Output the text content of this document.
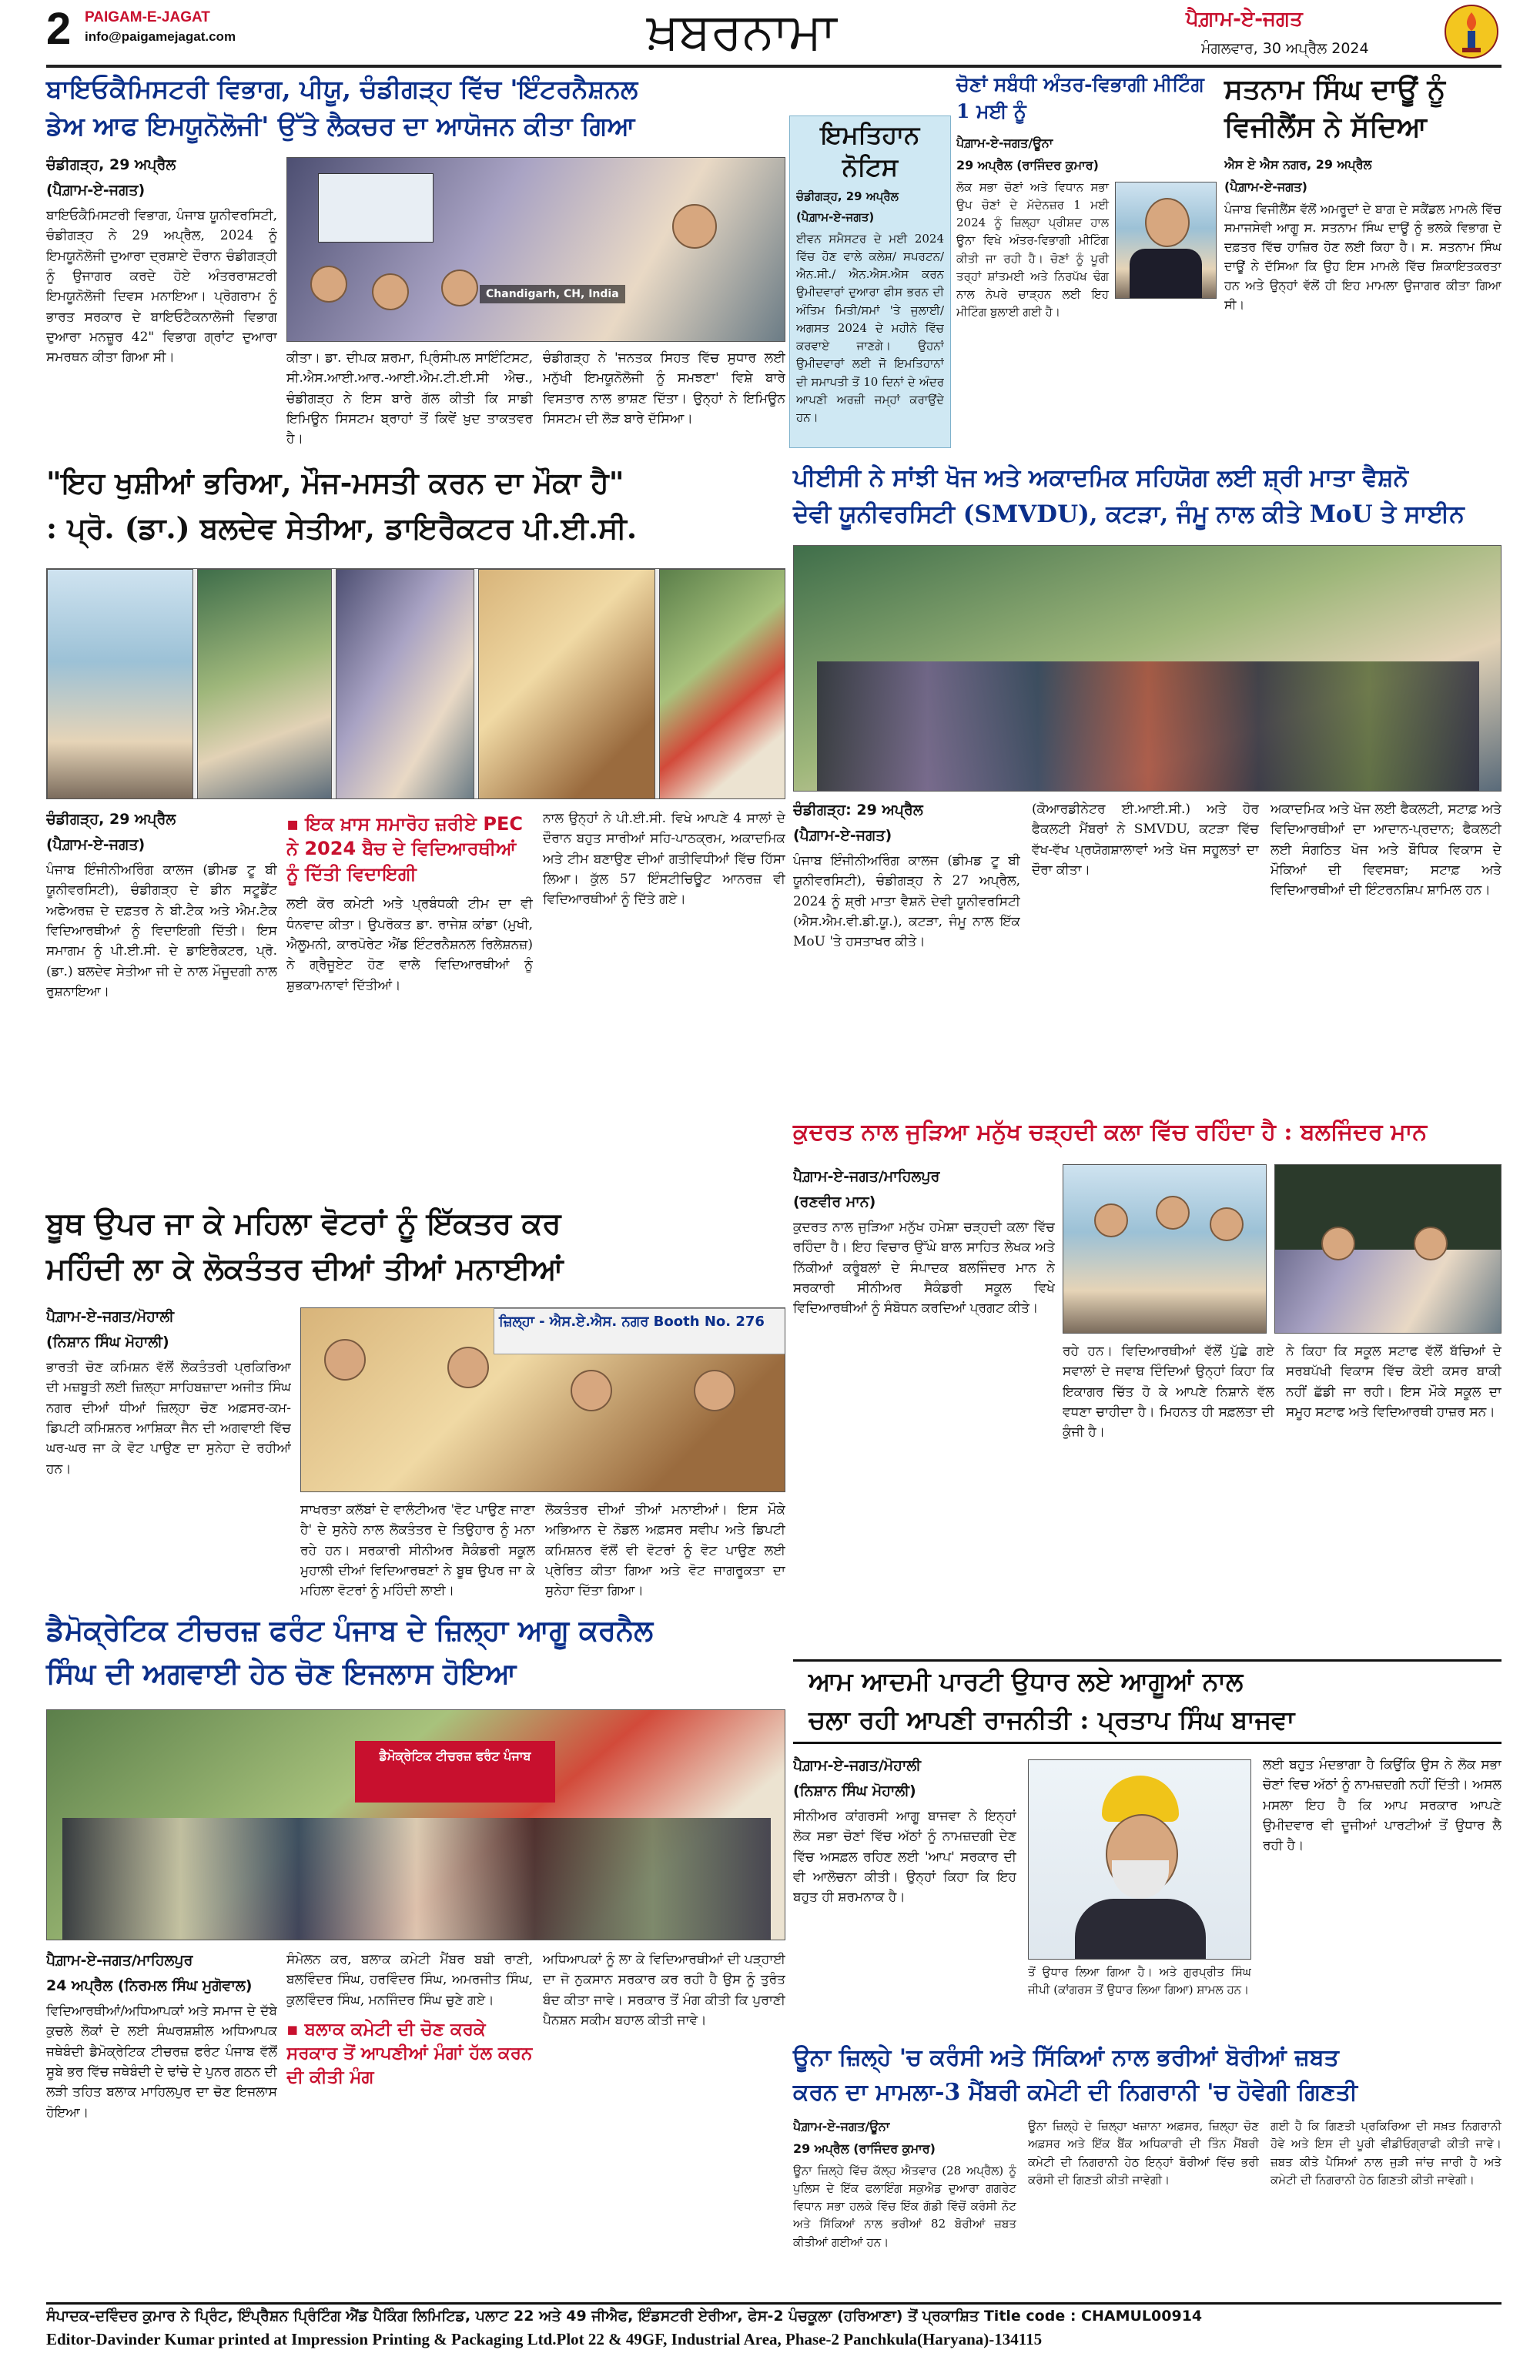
2 PAIGAM-E-JAGAT
info@paigamejagat.com	ਖ਼ਬਰਨਾਮਾ	ਪੈਗ਼ਾਮ-ਏ-ਜਗਤ
ਮੰਗਲਵਾਰ, 30 ਅਪ੍ਰੈਲ 2024
ਬਾਇਓਕੈਮਿਸਟਰੀ ਵਿਭਾਗ, ਪੀਯੂ, ਚੰਡੀਗੜ੍ਹ ਵਿੱਚ 'ਇੰਟਰਨੈਸ਼ਨਲ
ਡੇਅ ਆਫ ਇਮਯੂਨੋਲੋਜੀ' ਉੱਤੇ ਲੈਕਚਰ ਦਾ ਆਯੋਜਨ ਕੀਤਾ ਗਿਆ

ਚੰਡੀਗੜ੍ਹ, 29 ਅਪ੍ਰੈਲ

(ਪੈਗ਼ਾਮ-ਏ-ਜਗਤ)

ਬਾਇਓਕੈਮਿਸਟਰੀ ਵਿਭਾਗ, ਪੰਜਾਬ ਯੂਨੀਵਰਸਿਟੀ, ਚੰਡੀਗੜ੍ਹ ਨੇ 29 ਅਪ੍ਰੈਲ, 2024 ਨੂੰ ਇਮਯੂਨੋਲੋਜੀ ਦੁਆਰਾ ਦ੍ਰਸ਼ਾਏ ਦੌਰਾਨ ਚੰਡੀਗੜ੍ਹੀ ਨੂੰ ਉਜਾਗਰ ਕਰਦੇ ਹੋਏ ਅੰਤਰਰਾਸ਼ਟਰੀ ਇਮਯੂਨੋਲੋਜੀ ਦਿਵਸ ਮਨਾਇਆ। ਪ੍ਰੋਗਰਾਮ ਨੂੰ ਭਾਰਤ ਸਰਕਾਰ ਦੇ ਬਾਇਓਟੈਕਨਾਲੋਜੀ ਵਿਭਾਗ ਦੁਆਰਾ ਮਨਜ਼ੂਰ 42" ਵਿਭਾਗ ਗ੍ਰਾਂਟ ਦੁਆਰਾ ਸਮਰਥਨ ਕੀਤਾ ਗਿਆ ਸੀ।
Chandigarh, CH, India
ਕੀਤਾ। ਡਾ. ਦੀਪਕ ਸ਼ਰਮਾ, ਪ੍ਰਿੰਸੀਪਲ ਸਾਇੰਟਿਸਟ, ਸੀ.ਐਸ.ਆਈ.ਆਰ.-ਆਈ.ਐਮ.ਟੀ.ਈ.ਸੀ ਐਚ., ਚੰਡੀਗੜ੍ਹ ਨੇ ਇਸ ਬਾਰੇ ਗੱਲ ਕੀਤੀ ਕਿ ਸਾਡੀ ਇਮਿਊਨ ਸਿਸਟਮ ਬ੍ਰਾਹਾਂ ਤੋਂ ਕਿਵੇਂ ਖ਼ੁਦ ਤਾਕਤਵਰ ਹੈ।
ਚੰਡੀਗੜ੍ਹ ਨੇ 'ਜਨਤਕ ਸਿਹਤ ਵਿੱਚ ਸੁਧਾਰ ਲਈ ਮਨੁੱਖੀ ਇਮਯੂਨੋਲੋਜੀ ਨੂੰ ਸਮਝਣਾ' ਵਿਸ਼ੇ ਬਾਰੇ ਵਿਸਤਾਰ ਨਾਲ ਭਾਸ਼ਣ ਦਿੱਤਾ। ਉਨ੍ਹਾਂ ਨੇ ਇਮਿਊਨ ਸਿਸਟਮ ਦੀ ਲੋੜ ਬਾਰੇ ਦੱਸਿਆ।
ਇਮਤਿਹਾਨ
ਨੋਟਿਸ

ਚੰਡੀਗੜ੍ਹ, 29 ਅਪ੍ਰੈਲ

(ਪੈਗ਼ਾਮ-ਏ-ਜਗਤ)

ਈਵਨ ਸਮੈਸਟਰ ਦੇ ਮਈ 2024 ਵਿੱਚ ਹੋਣ ਵਾਲੇ ਕਲੇਸ਼/ ਸਪਰਟਨ/ ਐਨ.ਸੀ./ ਐਨ.ਐਸ.ਐਸ ਕਰਨ ਉਮੀਦਵਾਰਾਂ ਦੁਆਰਾ ਫੀਸ ਭਰਨ ਦੀ ਅੰਤਿਮ ਮਿਤੀ/ਸਮਾਂ 'ਤੇ ਜੁਲਾਈ/ ਅਗਸਤ 2024 ਦੇ ਮਹੀਨੇ ਵਿੱਚ ਕਰਵਾਏ ਜਾਣਗੇ। ਉਹਨਾਂ ਉਮੀਦਵਾਰਾਂ ਲਈ ਜੋ ਇਮਤਿਹਾਨਾਂ ਦੀ ਸਮਾਪਤੀ ਤੋਂ 10 ਦਿਨਾਂ ਦੇ ਅੰਦਰ ਆਪਣੀ ਅਰਜ਼ੀ ਜਮ੍ਹਾਂ ਕਰਾਉਂਦੇ ਹਨ।
ਚੋਣਾਂ ਸਬੰਧੀ ਅੰਤਰ-ਵਿਭਾਗੀ ਮੀਟਿੰਗ 1 ਮਈ ਨੂੰ

ਪੈਗ਼ਾਮ-ਏ-ਜਗਤ/ਊਨਾ

29 ਅਪ੍ਰੈਲ (ਰਾਜਿੰਦਰ ਕੁਮਾਰ)

ਲੋਕ ਸਭਾ ਚੋਣਾਂ ਅਤੇ ਵਿਧਾਨ ਸਭਾ ਉਪ ਚੋਣਾਂ ਦੇ ਮੱਦੇਨਜ਼ਰ 1 ਮਈ 2024 ਨੂੰ ਜ਼ਿਲ੍ਹਾ ਪ੍ਰੀਸ਼ਦ ਹਾਲ ਊਨਾ ਵਿਖੇ ਅੰਤਰ-ਵਿਭਾਗੀ ਮੀਟਿੰਗ ਕੀਤੀ ਜਾ ਰਹੀ ਹੈ। ਚੋਣਾਂ ਨੂੰ ਪੂਰੀ ਤਰ੍ਹਾਂ ਸ਼ਾਂਤਮਈ ਅਤੇ ਨਿਰਪੱਖ ਢੰਗ ਨਾਲ ਨੇਪਰੇ ਚਾੜ੍ਹਨ ਲਈ ਇਹ ਮੀਟਿੰਗ ਬੁਲਾਈ ਗਈ ਹੈ।
ਸਤਨਾਮ ਸਿੰਘ ਦਾਊਂ ਨੂੰ
ਵਿਜੀਲੈਂਸ ਨੇ ਸੱਦਿਆ

ਐਸ ਏ ਐਸ ਨਗਰ, 29 ਅਪ੍ਰੈਲ

(ਪੈਗ਼ਾਮ-ਏ-ਜਗਤ)

ਪੰਜਾਬ ਵਿਜੀਲੈਂਸ ਵੱਲੋਂ ਅਮਰੂਦਾਂ ਦੇ ਬਾਗ ਦੇ ਸਕੈਂਡਲ ਮਾਮਲੇ ਵਿੱਚ ਸਮਾਜਸੇਵੀ ਆਗੂ ਸ. ਸਤਨਾਮ ਸਿੰਘ ਦਾਊਂ ਨੂੰ ਭਲਕੇ ਵਿਭਾਗ ਦੇ ਦਫ਼ਤਰ ਵਿੱਚ ਹਾਜ਼ਿਰ ਹੋਣ ਲਈ ਕਿਹਾ ਹੈ। ਸ. ਸਤਨਾਮ ਸਿੰਘ ਦਾਊਂ ਨੇ ਦੱਸਿਆ ਕਿ ਉਹ ਇਸ ਮਾਮਲੇ ਵਿੱਚ ਸ਼ਿਕਾਇਤਕਰਤਾ ਹਨ ਅਤੇ ਉਨ੍ਹਾਂ ਵੱਲੋਂ ਹੀ ਇਹ ਮਾਮਲਾ ਉਜਾਗਰ ਕੀਤਾ ਗਿਆ ਸੀ।
"ਇਹ ਖੁਸ਼ੀਆਂ ਭਰਿਆ, ਮੌਜ-ਮਸਤੀ ਕਰਨ ਦਾ ਮੌਕਾ ਹੈ"
: ਪ੍ਰੋ. (ਡਾ.) ਬਲਦੇਵ ਸੇਤੀਆ, ਡਾਇਰੈਕਟਰ ਪੀ.ਈ.ਸੀ.

ਚੰਡੀਗੜ੍ਹ, 29 ਅਪ੍ਰੈਲ

(ਪੈਗ਼ਾਮ-ਏ-ਜਗਤ)

ਪੰਜਾਬ ਇੰਜੀਨੀਅਰਿੰਗ ਕਾਲਜ (ਡੀਮਡ ਟੂ ਬੀ ਯੂਨੀਵਰਸਿਟੀ), ਚੰਡੀਗੜ੍ਹ ਦੇ ਡੀਨ ਸਟੂਡੈਂਟ ਅਫੇਅਰਜ਼ ਦੇ ਦਫ਼ਤਰ ਨੇ ਬੀ.ਟੈਕ ਅਤੇ ਐਮ.ਟੈਕ ਵਿਦਿਆਰਥੀਆਂ ਨੂੰ ਵਿਦਾਇਗੀ ਦਿੱਤੀ। ਇਸ ਸਮਾਗਮ ਨੂੰ ਪੀ.ਈ.ਸੀ. ਦੇ ਡਾਇਰੈਕਟਰ, ਪ੍ਰੋ. (ਡਾ.) ਬਲਦੇਵ ਸੇਤੀਆ ਜੀ ਦੇ ਨਾਲ ਮੌਜੂਦਗੀ ਨਾਲ ਰੁਸ਼ਨਾਇਆ।
▪ ਇਕ ਖ਼ਾਸ ਸਮਾਰੋਹ ਜ਼ਰੀਏ PEC ਨੇ 2024 ਬੈਚ ਦੇ ਵਿਦਿਆਰਥੀਆਂ ਨੂੰ ਦਿੱਤੀ ਵਿਦਾਇਗੀ
ਲਈ ਕੋਰ ਕਮੇਟੀ ਅਤੇ ਪ੍ਰਬੰਧਕੀ ਟੀਮ ਦਾ ਵੀ ਧੰਨਵਾਦ ਕੀਤਾ। ਉਪਰੋਕਤ ਡਾ. ਰਾਜੇਸ਼ ਕਾਂਡਾ (ਮੁਖੀ, ਐਲੂਮਨੀ, ਕਾਰਪੋਰੇਟ ਐਂਡ ਇੰਟਰਨੈਸ਼ਨਲ ਰਿਲੇਸ਼ਨਜ਼) ਨੇ ਗ੍ਰੈਜੂਏਟ ਹੋਣ ਵਾਲੇ ਵਿਦਿਆਰਥੀਆਂ ਨੂੰ ਸ਼ੁਭਕਾਮਨਾਵਾਂ ਦਿੱਤੀਆਂ।
ਨਾਲ ਉਨ੍ਹਾਂ ਨੇ ਪੀ.ਈ.ਸੀ. ਵਿਖੇ ਆਪਣੇ 4 ਸਾਲਾਂ ਦੇ ਦੌਰਾਨ ਬਹੁਤ ਸਾਰੀਆਂ ਸਹਿ-ਪਾਠਕ੍ਰਮ, ਅਕਾਦਮਿਕ ਅਤੇ ਟੀਮ ਬਣਾਉਣ ਦੀਆਂ ਗਤੀਵਿਧੀਆਂ ਵਿੱਚ ਹਿੱਸਾ ਲਿਆ। ਕੁੱਲ 57 ਇੰਸਟੀਚਿਊਟ ਆਨਰਜ਼ ਵੀ ਵਿਦਿਆਰਥੀਆਂ ਨੂੰ ਦਿੱਤੇ ਗਏ।
ਪੀਈਸੀ ਨੇ ਸਾਂਝੀ ਖੋਜ ਅਤੇ ਅਕਾਦਮਿਕ ਸਹਿਯੋਗ ਲਈ ਸ਼੍ਰੀ ਮਾਤਾ ਵੈਸ਼ਨੋ
ਦੇਵੀ ਯੂਨੀਵਰਸਿਟੀ (SMVDU), ਕਟੜਾ, ਜੰਮੂ ਨਾਲ ਕੀਤੇ MoU ਤੇ ਸਾਈਨ

ਚੰਡੀਗੜ੍ਹ: 29 ਅਪ੍ਰੈਲ

(ਪੈਗ਼ਾਮ-ਏ-ਜਗਤ)

ਪੰਜਾਬ ਇੰਜੀਨੀਅਰਿੰਗ ਕਾਲਜ (ਡੀਮਡ ਟੂ ਬੀ ਯੂਨੀਵਰਸਿਟੀ), ਚੰਡੀਗੜ੍ਹ ਨੇ 27 ਅਪ੍ਰੈਲ, 2024 ਨੂੰ ਸ਼੍ਰੀ ਮਾਤਾ ਵੈਸ਼ਨੋ ਦੇਵੀ ਯੂਨੀਵਰਸਿਟੀ (ਐਸ.ਐਮ.ਵੀ.ਡੀ.ਯੂ.), ਕਟੜਾ, ਜੰਮੂ ਨਾਲ ਇੱਕ MoU 'ਤੇ ਹਸਤਾਖਰ ਕੀਤੇ।
(ਕੋਆਰਡੀਨੇਟਰ ਈ.ਆਈ.ਸੀ.) ਅਤੇ ਹੋਰ ਫੈਕਲਟੀ ਮੈਂਬਰਾਂ ਨੇ SMVDU, ਕਟੜਾ ਵਿੱਚ ਵੱਖ-ਵੱਖ ਪ੍ਰਯੋਗਸ਼ਾਲਾਵਾਂ ਅਤੇ ਖੋਜ ਸਹੂਲਤਾਂ ਦਾ ਦੌਰਾ ਕੀਤਾ।
ਅਕਾਦਮਿਕ ਅਤੇ ਖੋਜ ਲਈ ਫੈਕਲਟੀ, ਸਟਾਫ਼ ਅਤੇ ਵਿਦਿਆਰਥੀਆਂ ਦਾ ਆਦਾਨ-ਪ੍ਰਦਾਨ; ਫੈਕਲਟੀ ਲਈ ਸੰਗਠਿਤ ਖੋਜ ਅਤੇ ਬੌਧਿਕ ਵਿਕਾਸ ਦੇ ਮੌਕਿਆਂ ਦੀ ਵਿਵਸਥਾ; ਸਟਾਫ਼ ਅਤੇ ਵਿਦਿਆਰਥੀਆਂ ਦੀ ਇੰਟਰਨਸ਼ਿਪ ਸ਼ਾਮਿਲ ਹਨ।
ਕੁਦਰਤ ਨਾਲ ਜੁੜਿਆ ਮਨੁੱਖ ਚੜ੍ਹਦੀ ਕਲਾ ਵਿੱਚ ਰਹਿੰਦਾ ਹੈ : ਬਲਜਿੰਦਰ ਮਾਨ

ਪੈਗ਼ਾਮ-ਏ-ਜਗਤ/ਮਾਹਿਲਪੁਰ

(ਰਣਵੀਰ ਮਾਨ)

ਕੁਦਰਤ ਨਾਲ ਜੁੜਿਆ ਮਨੁੱਖ ਹਮੇਸ਼ਾ ਚੜ੍ਹਦੀ ਕਲਾ ਵਿੱਚ ਰਹਿੰਦਾ ਹੈ। ਇਹ ਵਿਚਾਰ ਉੱਘੇ ਬਾਲ ਸਾਹਿਤ ਲੇਖਕ ਅਤੇ ਨਿੱਕੀਆਂ ਕਰੂੰਬਲਾਂ ਦੇ ਸੰਪਾਦਕ ਬਲਜਿੰਦਰ ਮਾਨ ਨੇ ਸਰਕਾਰੀ ਸੀਨੀਅਰ ਸੈਕੰਡਰੀ ਸਕੂਲ ਵਿਖੇ ਵਿਦਿਆਰਥੀਆਂ ਨੂੰ ਸੰਬੋਧਨ ਕਰਦਿਆਂ ਪ੍ਰਗਟ ਕੀਤੇ।
ਰਹੇ ਹਨ। ਵਿਦਿਆਰਥੀਆਂ ਵੱਲੋਂ ਪੁੱਛੇ ਗਏ ਸਵਾਲਾਂ ਦੇ ਜਵਾਬ ਦਿੰਦਿਆਂ ਉਨ੍ਹਾਂ ਕਿਹਾ ਕਿ ਇਕਾਗਰ ਚਿੱਤ ਹੋ ਕੇ ਆਪਣੇ ਨਿਸ਼ਾਨੇ ਵੱਲ ਵਧਣਾ ਚਾਹੀਦਾ ਹੈ। ਮਿਹਨਤ ਹੀ ਸਫ਼ਲਤਾ ਦੀ ਕੁੰਜੀ ਹੈ।
ਨੇ ਕਿਹਾ ਕਿ ਸਕੂਲ ਸਟਾਫ ਵੱਲੋਂ ਬੱਚਿਆਂ ਦੇ ਸਰਬਪੱਖੀ ਵਿਕਾਸ ਵਿੱਚ ਕੋਈ ਕਸਰ ਬਾਕੀ ਨਹੀਂ ਛੱਡੀ ਜਾ ਰਹੀ। ਇਸ ਮੌਕੇ ਸਕੂਲ ਦਾ ਸਮੂਹ ਸਟਾਫ ਅਤੇ ਵਿਦਿਆਰਥੀ ਹਾਜ਼ਰ ਸਨ।
ਬੂਥ ਉਪਰ ਜਾ ਕੇ ਮਹਿਲਾ ਵੋਟਰਾਂ ਨੂੰ ਇੱਕਤਰ ਕਰ
ਮਹਿੰਦੀ ਲਾ ਕੇ ਲੋਕਤੰਤਰ ਦੀਆਂ ਤੀਆਂ ਮਨਾਈਆਂ

ਪੈਗ਼ਾਮ-ਏ-ਜਗਤ/ਮੋਹਾਲੀ

(ਨਿਸ਼ਾਨ ਸਿੰਘ ਮੋਹਾਲੀ)

ਭਾਰਤੀ ਚੋਣ ਕਮਿਸ਼ਨ ਵੱਲੋਂ ਲੋਕਤੰਤਰੀ ਪ੍ਰਕਿਰਿਆ ਦੀ ਮਜ਼ਬੂਤੀ ਲਈ ਜ਼ਿਲ੍ਹਾ ਸਾਹਿਬਜ਼ਾਦਾ ਅਜੀਤ ਸਿੰਘ ਨਗਰ ਦੀਆਂ ਧੀਆਂ ਜ਼ਿਲ੍ਹਾ ਚੋਣ ਅਫ਼ਸਰ-ਕਮ-ਡਿਪਟੀ ਕਮਿਸ਼ਨਰ ਆਸ਼ਿਕਾ ਜੈਨ ਦੀ ਅਗਵਾਈ ਵਿੱਚ ਘਰ-ਘਰ ਜਾ ਕੇ ਵੋਟ ਪਾਉਣ ਦਾ ਸੁਨੇਹਾ ਦੇ ਰਹੀਆਂ ਹਨ।
ਜ਼ਿਲ੍ਹਾ - ਐਸ.ਏ.ਐਸ. ਨਗਰ Booth No. 276
ਸਾਖਰਤਾ ਕਲੱਬਾਂ ਦੇ ਵਾਲੰਟੀਅਰ 'ਵੋਟ ਪਾਉਣ ਜਾਣਾ ਹੈ' ਦੇ ਸੁਨੇਹੇ ਨਾਲ ਲੋਕਤੰਤਰ ਦੇ ਤਿਉਹਾਰ ਨੂੰ ਮਨਾ ਰਹੇ ਹਨ। ਸਰਕਾਰੀ ਸੀਨੀਅਰ ਸੈਕੰਡਰੀ ਸਕੂਲ ਮੁਹਾਲੀ ਦੀਆਂ ਵਿਦਿਆਰਥਣਾਂ ਨੇ ਬੂਥ ਉਪਰ ਜਾ ਕੇ ਮਹਿਲਾ ਵੋਟਰਾਂ ਨੂੰ ਮਹਿੰਦੀ ਲਾਈ।
ਲੋਕਤੰਤਰ ਦੀਆਂ ਤੀਆਂ ਮਨਾਈਆਂ। ਇਸ ਮੌਕੇ ਅਭਿਆਨ ਦੇ ਨੋਡਲ ਅਫ਼ਸਰ ਸਵੀਪ ਅਤੇ ਡਿਪਟੀ ਕਮਿਸ਼ਨਰ ਵੱਲੋਂ ਵੀ ਵੋਟਰਾਂ ਨੂੰ ਵੋਟ ਪਾਉਣ ਲਈ ਪ੍ਰੇਰਿਤ ਕੀਤਾ ਗਿਆ ਅਤੇ ਵੋਟ ਜਾਗਰੂਕਤਾ ਦਾ ਸੁਨੇਹਾ ਦਿੱਤਾ ਗਿਆ।
ਡੈਮੋਕ੍ਰੇਟਿਕ ਟੀਚਰਜ਼ ਫਰੰਟ ਪੰਜਾਬ ਦੇ ਜ਼ਿਲ੍ਹਾ ਆਗੂ ਕਰਨੈਲ
ਸਿੰਘ ਦੀ ਅਗਵਾਈ ਹੇਠ ਚੋਣ ਇਜਲਾਸ ਹੋਇਆ
ਡੈਮੋਕ੍ਰੇਟਿਕ ਟੀਚਰਜ਼ ਫਰੰਟ ਪੰਜਾਬ

ਪੈਗ਼ਾਮ-ਏ-ਜਗਤ/ਮਾਹਿਲਪੁਰ

24 ਅਪ੍ਰੈਲ (ਨਿਰਮਲ ਸਿੰਘ ਮੁਗੋਵਾਲ)

ਵਿਦਿਆਰਥੀਆਂ/ਅਧਿਆਪਕਾਂ ਅਤੇ ਸਮਾਜ ਦੇ ਦੱਬੇ ਕੁਚਲੇ ਲੋਕਾਂ ਦੇ ਲਈ ਸੰਘਰਸ਼ਸ਼ੀਲ ਅਧਿਆਪਕ ਜਥੇਬੰਦੀ ਡੈਮੋਕ੍ਰੇਟਿਕ ਟੀਚਰਜ਼ ਫਰੰਟ ਪੰਜਾਬ ਵੱਲੋਂ ਸੂਬੇ ਭਰ ਵਿੱਚ ਜਥੇਬੰਦੀ ਦੇ ਢਾਂਚੇ ਦੇ ਪੁਨਰ ਗਠਨ ਦੀ ਲੜੀ ਤਹਿਤ ਬਲਾਕ ਮਾਹਿਲਪੁਰ ਦਾ ਚੋਣ ਇਜਲਾਸ ਹੋਇਆ।
ਸੰਮੇਲਨ ਕਰ, ਬਲਾਕ ਕਮੇਟੀ ਮੈਂਬਰ ਬਬੀ ਰਾਣੀ, ਬਲਵਿੰਦਰ ਸਿੰਘ, ਹਰਵਿੰਦਰ ਸਿੰਘ, ਅਮਰਜੀਤ ਸਿੰਘ, ਕੁਲਵਿੰਦਰ ਸਿੰਘ, ਮਨਜਿੰਦਰ ਸਿੰਘ ਚੁਣੇ ਗਏ।
▪ ਬਲਾਕ ਕਮੇਟੀ ਦੀ ਚੋਣ ਕਰਕੇ ਸਰਕਾਰ ਤੋਂ ਆਪਣੀਆਂ ਮੰਗਾਂ ਹੱਲ ਕਰਨ ਦੀ ਕੀਤੀ ਮੰਗ
ਅਧਿਆਪਕਾਂ ਨੂੰ ਲਾ ਕੇ ਵਿਦਿਆਰਥੀਆਂ ਦੀ ਪੜ੍ਹਾਈ ਦਾ ਜੋ ਨੁਕਸਾਨ ਸਰਕਾਰ ਕਰ ਰਹੀ ਹੈ ਉਸ ਨੂੰ ਤੁਰੰਤ ਬੰਦ ਕੀਤਾ ਜਾਵੇ। ਸਰਕਾਰ ਤੋਂ ਮੰਗ ਕੀਤੀ ਕਿ ਪੁਰਾਣੀ ਪੈਨਸ਼ਨ ਸਕੀਮ ਬਹਾਲ ਕੀਤੀ ਜਾਵੇ।
ਆਮ ਆਦਮੀ ਪਾਰਟੀ ਉਧਾਰ ਲਏ ਆਗੂਆਂ ਨਾਲ
ਚਲਾ ਰਹੀ ਆਪਣੀ ਰਾਜਨੀਤੀ : ਪ੍ਰਤਾਪ ਸਿੰਘ ਬਾਜਵਾ

ਪੈਗ਼ਾਮ-ਏ-ਜਗਤ/ਮੋਹਾਲੀ

(ਨਿਸ਼ਾਨ ਸਿੰਘ ਮੋਹਾਲੀ)

ਸੀਨੀਅਰ ਕਾਂਗਰਸੀ ਆਗੂ ਬਾਜਵਾ ਨੇ ਇਨ੍ਹਾਂ ਲੋਕ ਸਭਾ ਚੋਣਾਂ ਵਿੱਚ ਅੱਠਾਂ ਨੂੰ ਨਾਮਜ਼ਦਗੀ ਦੇਣ ਵਿੱਚ ਅਸਫ਼ਲ ਰਹਿਣ ਲਈ 'ਆਪ' ਸਰਕਾਰ ਦੀ ਵੀ ਆਲੋਚਨਾ ਕੀਤੀ। ਉਨ੍ਹਾਂ ਕਿਹਾ ਕਿ ਇਹ ਬਹੁਤ ਹੀ ਸ਼ਰਮਨਾਕ ਹੈ।
ਤੋਂ ਉਧਾਰ ਲਿਆ ਗਿਆ ਹੈ। ਅਤੇ ਗੁਰਪ੍ਰੀਤ ਸਿੰਘ ਜੀਪੀ (ਕਾਂਗਰਸ ਤੋਂ ਉਧਾਰ ਲਿਆ ਗਿਆ) ਸ਼ਾਮਲ ਹਨ।
ਲਈ ਬਹੁਤ ਮੰਦਭਾਗਾ ਹੈ ਕਿਉਂਕਿ ਉਸ ਨੇ ਲੋਕ ਸਭਾ ਚੋਣਾਂ ਵਿਚ ਅੱਠਾਂ ਨੂੰ ਨਾਮਜ਼ਦਗੀ ਨਹੀਂ ਦਿੱਤੀ। ਅਸਲ ਮਸਲਾ ਇਹ ਹੈ ਕਿ ਆਪ ਸਰਕਾਰ ਆਪਣੇ ਉਮੀਦਵਾਰ ਵੀ ਦੂਜੀਆਂ ਪਾਰਟੀਆਂ ਤੋਂ ਉਧਾਰ ਲੈ ਰਹੀ ਹੈ।
ਊਨਾ ਜ਼ਿਲ੍ਹੇ 'ਚ ਕਰੰਸੀ ਅਤੇ ਸਿੱਕਿਆਂ ਨਾਲ ਭਰੀਆਂ ਬੋਰੀਆਂ ਜ਼ਬਤ
ਕਰਨ ਦਾ ਮਾਮਲਾ-3 ਮੈਂਬਰੀ ਕਮੇਟੀ ਦੀ ਨਿਗਰਾਨੀ 'ਚ ਹੋਵੇਗੀ ਗਿਣਤੀ

ਪੈਗ਼ਾਮ-ਏ-ਜਗਤ/ਊਨਾ

29 ਅਪ੍ਰੈਲ (ਰਾਜਿੰਦਰ ਕੁਮਾਰ)

ਊਨਾ ਜ਼ਿਲ੍ਹੇ ਵਿੱਚ ਕੱਲ੍ਹ ਐਤਵਾਰ (28 ਅਪ੍ਰੈਲ) ਨੂੰ ਪੁਲਿਸ ਦੇ ਇੱਕ ਫਲਾਇੰਗ ਸਕੁਐਡ ਦੁਆਰਾ ਗਗਰੇਟ ਵਿਧਾਨ ਸਭਾ ਹਲਕੇ ਵਿੱਚ ਇੱਕ ਗੱਡੀ ਵਿੱਚੋਂ ਕਰੰਸੀ ਨੋਟ ਅਤੇ ਸਿੱਕਿਆਂ ਨਾਲ ਭਰੀਆਂ 82 ਬੋਰੀਆਂ ਜ਼ਬਤ ਕੀਤੀਆਂ ਗਈਆਂ ਹਨ।
ਊਨਾ ਜ਼ਿਲ੍ਹੇ ਦੇ ਜ਼ਿਲ੍ਹਾ ਖਜ਼ਾਨਾ ਅਫ਼ਸਰ, ਜ਼ਿਲ੍ਹਾ ਚੋਣ ਅਫ਼ਸਰ ਅਤੇ ਇੱਕ ਬੈਂਕ ਅਧਿਕਾਰੀ ਦੀ ਤਿੰਨ ਮੈਂਬਰੀ ਕਮੇਟੀ ਦੀ ਨਿਗਰਾਨੀ ਹੇਠ ਇਨ੍ਹਾਂ ਬੋਰੀਆਂ ਵਿੱਚ ਭਰੀ ਕਰੰਸੀ ਦੀ ਗਿਣਤੀ ਕੀਤੀ ਜਾਵੇਗੀ।
ਗਈ ਹੈ ਕਿ ਗਿਣਤੀ ਪ੍ਰਕਿਰਿਆ ਦੀ ਸਖ਼ਤ ਨਿਗਰਾਨੀ ਹੋਵੇ ਅਤੇ ਇਸ ਦੀ ਪੂਰੀ ਵੀਡੀਓਗ੍ਰਾਫੀ ਕੀਤੀ ਜਾਵੇ। ਜ਼ਬਤ ਕੀਤੇ ਪੈਸਿਆਂ ਨਾਲ ਜੁੜੀ ਜਾਂਚ ਜਾਰੀ ਹੈ ਅਤੇ ਕਮੇਟੀ ਦੀ ਨਿਗਰਾਨੀ ਹੇਠ ਗਿਣਤੀ ਕੀਤੀ ਜਾਵੇਗੀ।
ਸੰਪਾਦਕ-ਦਵਿੰਦਰ ਕੁਮਾਰ ਨੇ ਪ੍ਰਿੰਟ, ਇੰਪ੍ਰੈਸ਼ਨ ਪ੍ਰਿੰਟਿੰਗ ਐਂਡ ਪੈਕਿੰਗ ਲਿਮਿਟਿਡ, ਪਲਾਟ 22 ਅਤੇ 49 ਜੀਐਫ, ਇੰਡਸਟਰੀ ਏਰੀਆ, ਫੇਸ-2 ਪੰਚਕੂਲਾ (ਹਰਿਆਣਾ) ਤੋਂ ਪ੍ਰਕਾਸ਼ਿਤ Title code : CHAMUL00914
Editor-Davinder Kumar printed at Impression Printing & Packaging Ltd.Plot 22 & 49GF, Industrial Area, Phase-2 Panchkula(Haryana)-134115
